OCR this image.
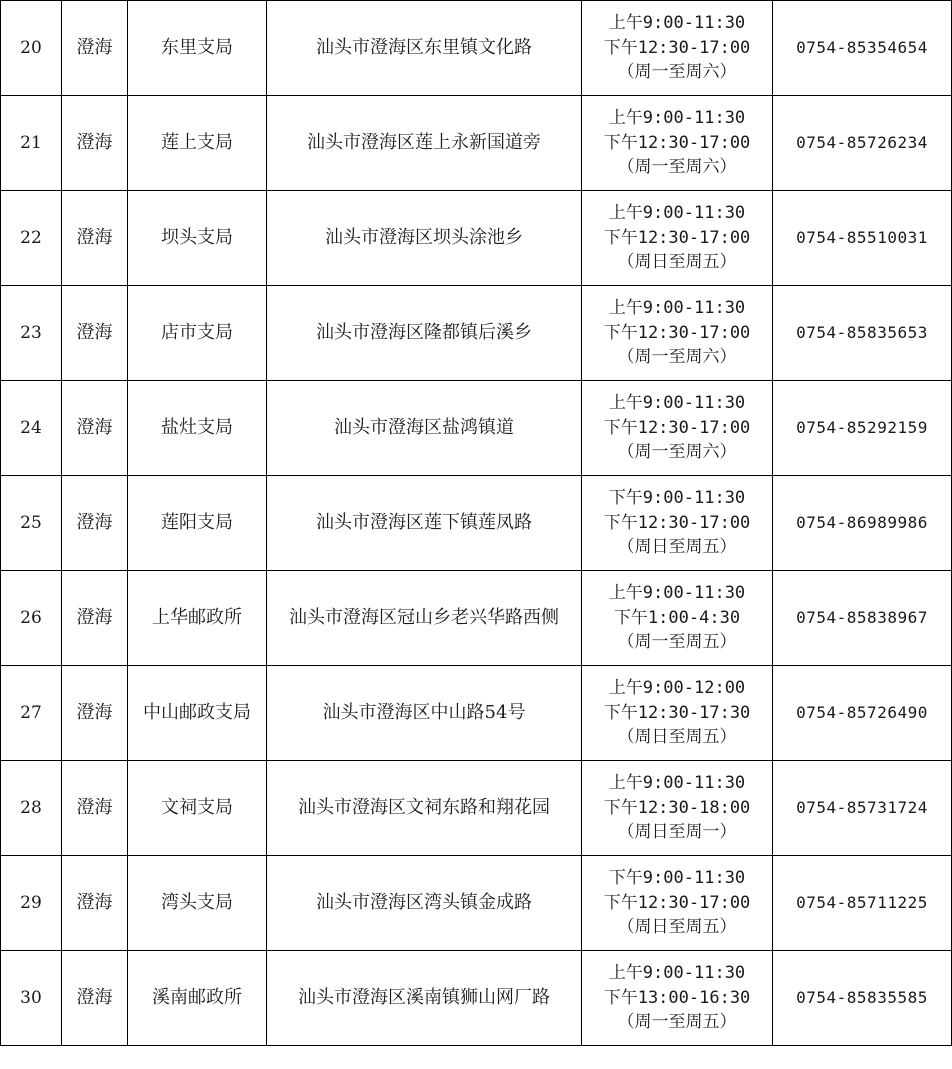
20	澄海	东里支局	汕头市澄海区东里镇文化路	上午9:00-11:30
下午12:30-17:00
（周一至周六）	0754-85354654
21	澄海	莲上支局	汕头市澄海区莲上永新国道旁	上午9:00-11:30
下午12:30-17:00
（周一至周六）	0754-85726234
22	澄海	坝头支局	汕头市澄海区坝头涂池乡	上午9:00-11:30
下午12:30-17:00
（周日至周五）	0754-85510031
23	澄海	店市支局	汕头市澄海区隆都镇后溪乡	上午9:00-11:30
下午12:30-17:00
（周一至周六）	0754-85835653
24	澄海	盐灶支局	汕头市澄海区盐鸿镇道	上午9:00-11:30
下午12:30-17:00
（周一至周六）	0754-85292159
25	澄海	莲阳支局	汕头市澄海区莲下镇莲凤路	下午9:00-11:30
下午12:30-17:00
（周日至周五）	0754-86989986
26	澄海	上华邮政所	汕头市澄海区冠山乡老兴华路西侧	上午9:00-11:30
下午1:00-4:30
（周一至周五）	0754-85838967
27	澄海	中山邮政支局	汕头市澄海区中山路54号	上午9:00-12:00
下午12:30-17:30
（周日至周五）	0754-85726490
28	澄海	文祠支局	汕头市澄海区文祠东路和翔花园	上午9:00-11:30
下午12:30-18:00
（周日至周一）	0754-85731724
29	澄海	湾头支局	汕头市澄海区湾头镇金成路	下午9:00-11:30
下午12:30-17:00
（周日至周五）	0754-85711225
30	澄海	溪南邮政所	汕头市澄海区溪南镇狮山网厂路	上午9:00-11:30
下午13:00-16:30
（周一至周五）	0754-85835585
